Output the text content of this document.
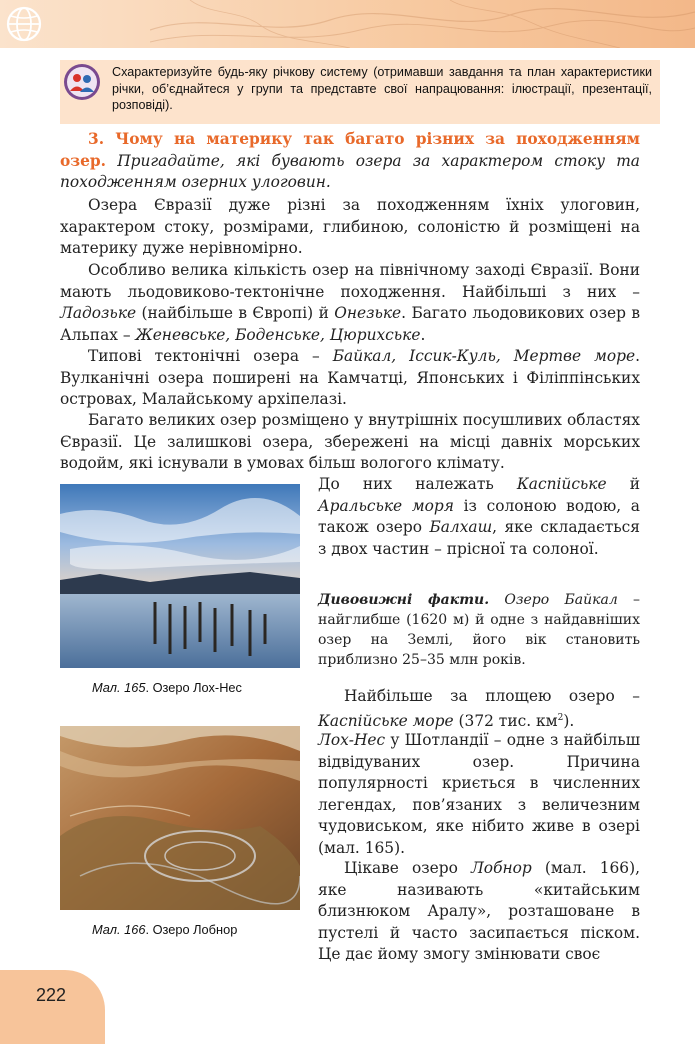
Схарактеризуйте будь-яку річкову систему (отримавши завдання та план характеристики річки, об’єднайтеся у групи та представте свої напрацювання: ілюстрації, презентації, розповіді).
3. Чому на материку так багато різних за походженням озер. Пригадайте, які бувають озера за характером стоку та походженням озерних улоговин.
Озера Євразії дуже різні за походженням їхніх улоговин, характером стоку, розмірами, глибиною, солоністю й розміщені на материку дуже нерівномірно.
Особливо велика кількість озер на північному заході Євразії. Вони мають льодовиково-тектонічне походження. Найбільші з них – Ладозьке (найбільше в Європі) й Онезьке. Багато льодовикових озер в Альпах – Женевське, Боденське, Цюрихське.
Типові тектонічні озера – Байкал, Іссик-Куль, Мертве море. Вулканічні озера поширені на Камчатці, Японських і Філіппінських островах, Малайському архіпелазі.
Багато великих озер розміщено у внутрішніх посушливих областях Євразії. Це залишкові озера, збережені на місці давніх морських водойм, які існували в умовах більш вологого клімату.
До них належать Каспійське й Аральське моря із солоною водою, а також озеро Балхаш, яке складається з двох частин – прісної та солоної.
Мал. 165. Озеро Лох-Нес
Дивовижні факти. Озеро Байкал – найглибше (1620 м) й одне з найдавніших озер на Землі, його вік становить приблизно 25–35 млн років.
Найбільше за площею озеро – Каспійське море (372 тис. $км^2$).
Лох-Нес у Шотландії – одне з найбільш відвідуваних озер. Причина популярності криється в численних легендах, пов’язаних з величезним чудовиськом, яке нібито живе в озері (мал. 165).
Мал. 166. Озеро Лобнор
Цікаве озеро Лобнор (мал. 166), яке називають «китайським близнюком Аралу», розташоване в пустелі й часто засипається піском. Це дає йому змогу змінювати своє
222
